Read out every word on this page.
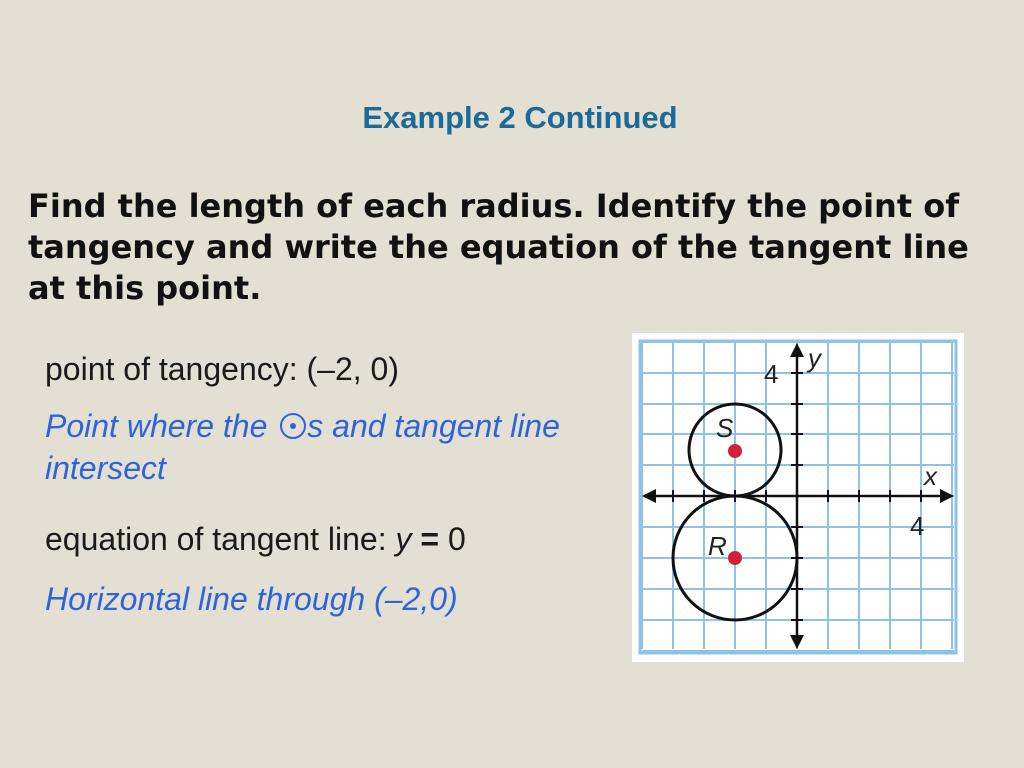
Example 2 Continued
Find the length of each radius. Identify the point of tangency and write the equation of the tangent line at this point.
point of tangency: (–2, 0)
Point where the s and tangent line intersect
equation of tangent line: y = 0
Horizontal line through (–2,0)
S
R
4
4
x
y
